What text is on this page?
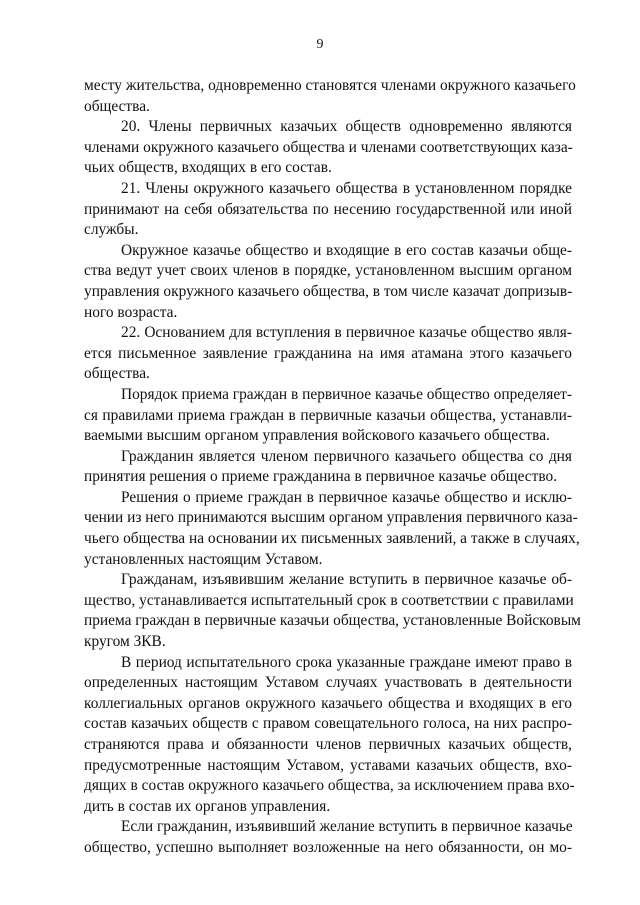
9
месту жительства, одновременно становятся членами окружного казачьего
общества.
20. Члены первичных казачьих обществ одновременно являются
членами окружного казачьего общества и членами соответствующих каза-
чьих обществ, входящих в его состав.
21. Члены окружного казачьего общества в установленном порядке
принимают на себя обязательства по несению государственной или иной
службы.
Окружное казачье общество и входящие в его состав казачьи обще-
ства ведут учет своих членов в порядке, установленном высшим органом
управления окружного казачьего общества, в том числе казачат допризыв-
ного возраста.
22. Основанием для вступления в первичное казачье общество явля-
ется письменное заявление гражданина на имя атамана этого казачьего
общества.
Порядок приема граждан в первичное казачье общество определяет-
ся правилами приема граждан в первичные казачьи общества, устанавли-
ваемыми высшим органом управления войскового казачьего общества.
Гражданин является членом первичного казачьего общества со дня
принятия решения о приеме гражданина в первичное казачье общество.
Решения о приеме граждан в первичное казачье общество и исклю-
чении из него принимаются высшим органом управления первичного каза-
чьего общества на основании их письменных заявлений, а также в случаях,
установленных настоящим Уставом.
Гражданам, изъявившим желание вступить в первичное казачье об-
щество, устанавливается испытательный срок в соответствии с правилами
приема граждан в первичные казачьи общества, установленные Войсковым
кругом ЗКВ.
В период испытательного срока указанные граждане имеют право в
определенных настоящим Уставом случаях участвовать в деятельности
коллегиальных органов окружного казачьего общества и входящих в его
состав казачьих обществ с правом совещательного голоса, на них распро-
страняются права и обязанности членов первичных казачьих обществ,
предусмотренные настоящим Уставом, уставами казачьих обществ, вхо-
дящих в состав окружного казачьего общества, за исключением права вхо-
дить в состав их органов управления.
Если гражданин, изъявивший желание вступить в первичное казачье
общество, успешно выполняет возложенные на него обязанности, он мо-
